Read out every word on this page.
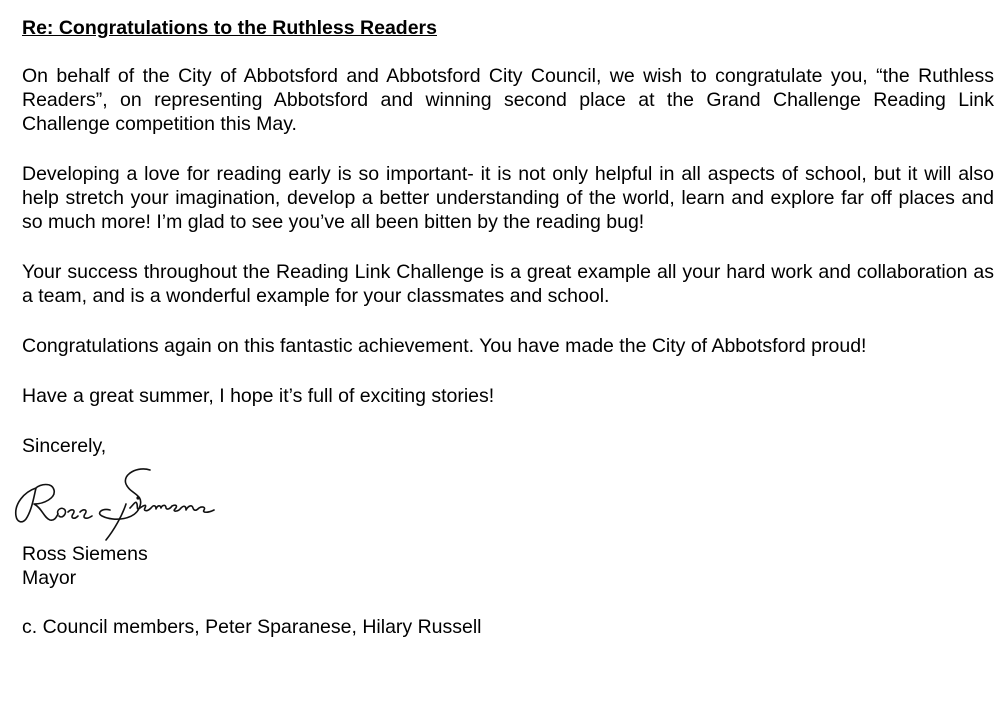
Re: Congratulations to the Ruthless Readers

On behalf of the City of Abbotsford and Abbotsford City Council, we wish to congratulate you, “the Ruthless Readers”, on representing Abbotsford and winning second place at the Grand Challenge Reading Link Challenge competition this May.

Developing a love for reading early is so important- it is not only helpful in all aspects of school, but it will also help stretch your imagination, develop a better understanding of the world, learn and explore far off places and so much more! I’m glad to see you’ve all been bitten by the reading bug!

Your success throughout the Reading Link Challenge is a great example all your hard work and collaboration as a team, and is a wonderful example for your classmates and school.

Congratulations again on this fantastic achievement. You have made the City of Abbotsford proud!

Have a great summer, I hope it’s full of exciting stories!

Sincerely,

Ross Siemens
Mayor
c. Council members, Peter Sparanese, Hilary Russell
